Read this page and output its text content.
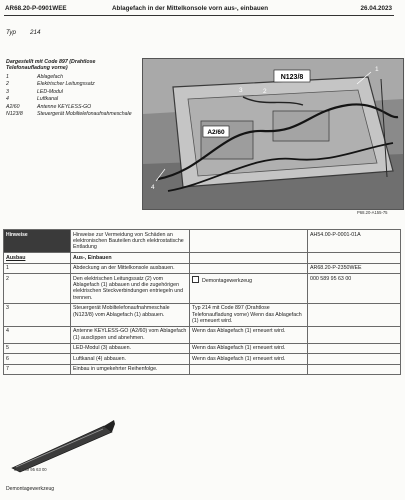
AR68.20-P-0901WEE	Ablagefach in der Mittelkonsole vorn aus-, einbauen	26.04.2023
Typ 214
Dargestellt mit Code 897 (Drahtlose Telefonaufladung vorne)
1	Ablagefach
2	Elektrischer Leitungssatz
3	LED-Modul
4	Luftkanal
A2/60	Antenne KEYLESS-GO
N123/8	Steuergerät Mobiltelefonaufnahmeschale
N123/8
A2/60
1
2
3
4
P68.20-A155-75
Hinweise	Hinweise zur Vermeidung von Schäden an elektronischen Bauteilen durch elektrostatische Entladung		AH54.00-P-0001-01A
Ausbau	Aus-, Einbauen		
1	Abdeckung an der Mittelkonsole ausbauen.		AR68.20-P-2350WEE
2	Den elektrischen Leitungssatz (2) vom Ablagefach (1) abbauen und die zugehörigen elektrischen Steckverbindungen entriegeln und trennen.	Demontagewerkzeug	000 589 95 63 00
3	Steuergerät Mobiltelefonaufnahmeschale (N123/8) vom Ablagefach (1) abbauen.	Typ 214 mit Code 897 (Drahtlose Telefonaufladung vorne) Wenn das Ablagefach (1) erneuert wird.	
4	Antenne KEYLESS-GO (A2/60) vom Ablagefach (1) ausclippen und abnehmen.	Wenn das Ablagefach (1) erneuert wird.	
5	LED-Modul (3) abbauen.	Wenn das Ablagefach (1) erneuert wird.	
6	Luftkanal (4) abbauen.	Wenn das Ablagefach (1) erneuert wird.	
7	Einbau in umgekehrter Reihenfolge.		
000 589 95 63 00
Demontagewerkzeug
